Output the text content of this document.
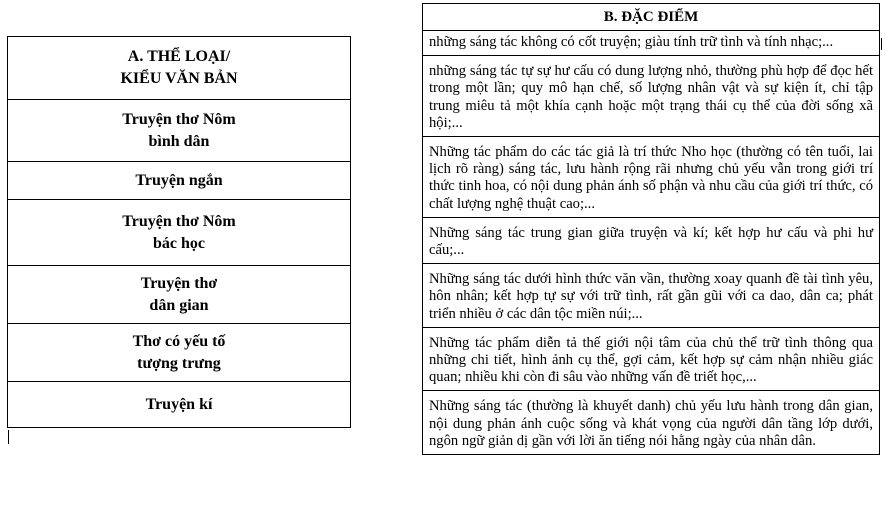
A. THỂ LOẠI/
KIỂU VĂN BẢN
Truyện thơ Nôm
bình dân
Truyện ngắn
Truyện thơ Nôm
bác học
Truyện thơ
dân gian
Thơ có yếu tố
tượng trưng
Truyện kí
B. ĐẶC ĐIỂM
những sáng tác không có cốt truyện; giàu tính trữ tình và tính nhạc;...
những sáng tác tự sự hư cấu có dung lượng nhỏ, thường phù hợp để đọc hết trong một lần; quy mô hạn chế, số lượng nhân vật và sự kiện ít, chỉ tập trung miêu tả một khía cạnh hoặc một trạng thái cụ thể của đời sống xã hội;...
Những tác phẩm do các tác giả là trí thức Nho học (thường có tên tuổi, lai lịch rõ ràng) sáng tác, lưu hành rộng rãi nhưng chủ yếu vẫn trong giới trí thức tinh hoa, có nội dung phản ánh số phận và nhu cầu của giới trí thức, có chất lượng nghệ thuật cao;...
Những sáng tác trung gian giữa truyện và kí; kết hợp hư cấu và phi hư cấu;...
Những sáng tác dưới hình thức văn vần, thường xoay quanh đề tài tình yêu, hôn nhân; kết hợp tự sự với trữ tình, rất gần gũi với ca dao, dân ca; phát triển nhiều ở các dân tộc miền núi;...
Những tác phẩm diễn tả thế giới nội tâm của chủ thể trữ tình thông qua những chi tiết, hình ảnh cụ thể, gợi cảm, kết hợp sự cảm nhận nhiều giác quan; nhiều khi còn đi sâu vào những vấn đề triết học,...
Những sáng tác (thường là khuyết danh) chủ yếu lưu hành trong dân gian, nội dung phản ánh cuộc sống và khát vọng của người dân tầng lớp dưới, ngôn ngữ giản dị gần với lời ăn tiếng nói hằng ngày của nhân dân.
